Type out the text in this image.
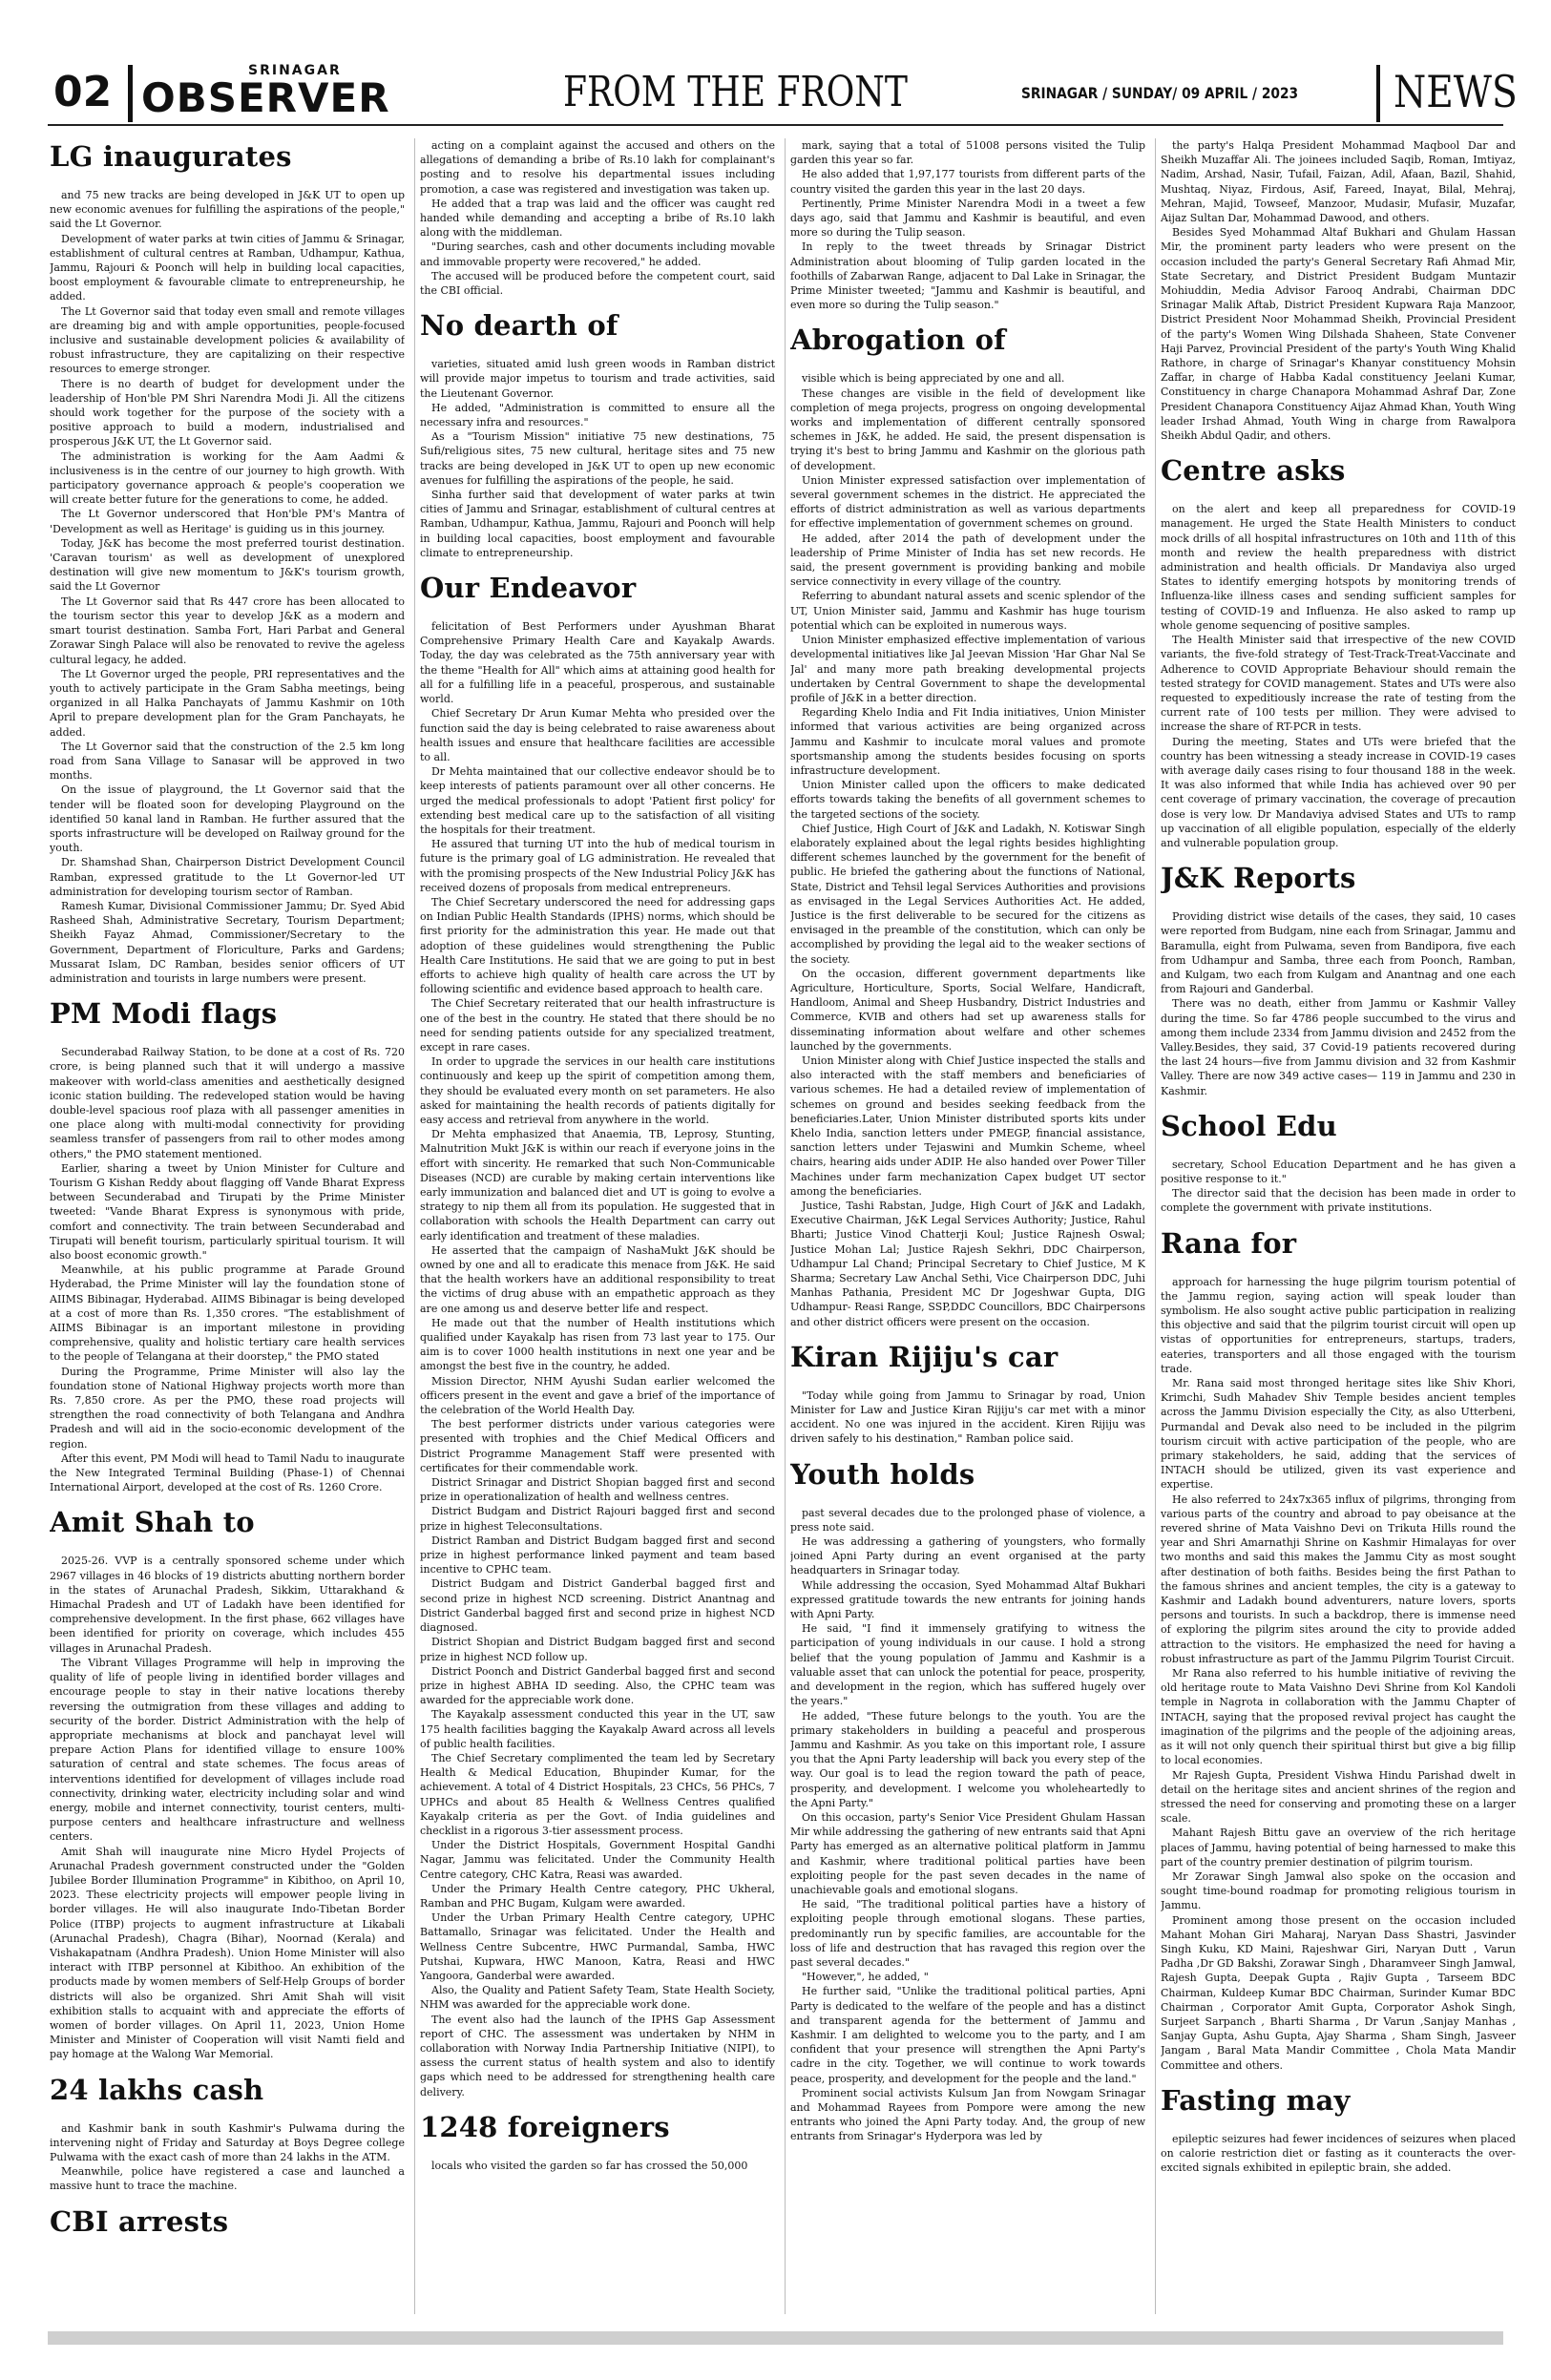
02	SRINAGAR
OBSERVER	FROM THE FRONT	SRINAGAR / SUNDAY/ 09 APRIL / 2023 NEWS
LG inaugurates

and 75 new tracks are being developed in J&K UT to open up new economic avenues for fulfilling the aspirations of the people," said the Lt Governor.

Development of water parks at twin cities of Jammu & Srinagar, establishment of cultural centres at Ramban, Udhampur, Kathua, Jammu, Rajouri & Poonch will help in building local capacities, boost employment & favourable climate to entrepreneurship, he added.

The Lt Governor said that today even small and remote villages are dreaming big and with ample opportunities, people-focused inclusive and sustainable development policies & availability of robust infrastructure, they are capitalizing on their respective resources to emerge stronger.

There is no dearth of budget for development under the leadership of Hon'ble PM Shri Narendra Modi Ji. All the citizens should work together for the purpose of the society with a positive approach to build a modern, industrialised and prosperous J&K UT, the Lt Governor said.

The administration is working for the Aam Aadmi & inclusiveness is in the centre of our journey to high growth. With participatory governance approach & people's cooperation we will create better future for the generations to come, he added.

The Lt Governor underscored that Hon'ble PM's Mantra of 'Development as well as Heritage' is guiding us in this journey.

Today, J&K has become the most preferred tourist destination. 'Caravan tourism' as well as development of unexplored destination will give new momentum to J&K's tourism growth, said the Lt Governor

The Lt Governor said that Rs 447 crore has been allocated to the tourism sector this year to develop J&K as a modern and smart tourist destination. Samba Fort, Hari Parbat and General Zorawar Singh Palace will also be renovated to revive the ageless cultural legacy, he added.

The Lt Governor urged the people, PRI representatives and the youth to actively participate in the Gram Sabha meetings, being organized in all Halka Panchayats of Jammu Kashmir on 10th April to prepare development plan for the Gram Panchayats, he added.

The Lt Governor said that the construction of the 2.5 km long road from Sana Village to Sanasar will be approved in two months.

On the issue of playground, the Lt Governor said that the tender will be floated soon for developing Playground on the identified 50 kanal land in Ramban. He further assured that the sports infrastructure will be developed on Railway ground for the youth.

Dr. Shamshad Shan, Chairperson District Development Council Ramban, expressed gratitude to the Lt Governor-led UT administration for developing tourism sector of Ramban.

Ramesh Kumar, Divisional Commissioner Jammu; Dr. Syed Abid Rasheed Shah, Administrative Secretary, Tourism Department; Sheikh Fayaz Ahmad, Commissioner/Secretary to the Government, Department of Floriculture, Parks and Gardens; Mussarat Islam, DC Ramban, besides senior officers of UT administration and tourists in large numbers were present.

PM Modi flags

Secunderabad Railway Station, to be done at a cost of Rs. 720 crore, is being planned such that it will undergo a massive makeover with world-class amenities and aesthetically designed iconic station building. The redeveloped station would be having double-level spacious roof plaza with all passenger amenities in one place along with multi-modal connectivity for providing seamless transfer of passengers from rail to other modes among others," the PMO statement mentioned.

Earlier, sharing a tweet by Union Minister for Culture and Tourism G Kishan Reddy about flagging off Vande Bharat Express between Secunderabad and Tirupati by the Prime Minister tweeted: "Vande Bharat Express is synonymous with pride, comfort and connectivity. The train between Secunderabad and Tirupati will benefit tourism, particularly spiritual tourism. It will also boost economic growth."

Meanwhile, at his public programme at Parade Ground Hyderabad, the Prime Minister will lay the foundation stone of AIIMS Bibinagar, Hyderabad. AIIMS Bibinagar is being developed at a cost of more than Rs. 1,350 crores. "The establishment of AIIMS Bibinagar is an important milestone in providing comprehensive, quality and holistic tertiary care health services to the people of Telangana at their doorstep," the PMO stated

During the Programme, Prime Minister will also lay the foundation stone of National Highway projects worth more than Rs. 7,850 crore. As per the PMO, these road projects will strengthen the road connectivity of both Telangana and Andhra Pradesh and will aid in the socio-economic development of the region.

After this event, PM Modi will head to Tamil Nadu to inaugurate the New Integrated Terminal Building (Phase-1) of Chennai International Airport, developed at the cost of Rs. 1260 Crore.

Amit Shah to

2025-26. VVP is a centrally sponsored scheme under which 2967 villages in 46 blocks of 19 districts abutting northern border in the states of Arunachal Pradesh, Sikkim, Uttarakhand & Himachal Pradesh and UT of Ladakh have been identified for comprehensive development. In the first phase, 662 villages have been identified for priority on coverage, which includes 455 villages in Arunachal Pradesh.

The Vibrant Villages Programme will help in improving the quality of life of people living in identified border villages and encourage people to stay in their native locations thereby reversing the outmigration from these villages and adding to security of the border. District Administration with the help of appropriate mechanisms at block and panchayat level will prepare Action Plans for identified village to ensure 100% saturation of central and state schemes. The focus areas of interventions identified for development of villages include road connectivity, drinking water, electricity including solar and wind energy, mobile and internet connectivity, tourist centers, multi-purpose centers and healthcare infrastructure and wellness centers.

Amit Shah will inaugurate nine Micro Hydel Projects of Arunachal Pradesh government constructed under the "Golden Jubilee Border Illumination Programme" in Kibithoo, on April 10, 2023. These electricity projects will empower people living in border villages. He will also inaugurate Indo-Tibetan Border Police (ITBP) projects to augment infrastructure at Likabali (Arunachal Pradesh), Chagra (Bihar), Noornad (Kerala) and Vishakapatnam (Andhra Pradesh). Union Home Minister will also interact with ITBP personnel at Kibithoo. An exhibition of the products made by women members of Self-Help Groups of border districts will also be organized. Shri Amit Shah will visit exhibition stalls to acquaint with and appreciate the efforts of women of border villages. On April 11, 2023, Union Home Minister and Minister of Cooperation will visit Namti field and pay homage at the Walong War Memorial.

24 lakhs cash

and Kashmir bank in south Kashmir's Pulwama during the intervening night of Friday and Saturday at Boys Degree college Pulwama with the exact cash of more than 24 lakhs in the ATM.

Meanwhile, police have registered a case and launched a massive hunt to trace the machine.

CBI arrests

acting on a complaint against the accused and others on the allegations of demanding a bribe of Rs.10 lakh for complainant's posting and to resolve his departmental issues including promotion, a case was registered and investigation was taken up.

He added that a trap was laid and the officer was caught red handed while demanding and accepting a bribe of Rs.10 lakh along with the middleman.

"During searches, cash and other documents including movable and immovable property were recovered," he added.

The accused will be produced before the competent court, said the CBI official.

No dearth of

varieties, situated amid lush green woods in Ramban district will provide major impetus to tourism and trade activities, said the Lieutenant Governor.

He added, "Administration is committed to ensure all the necessary infra and resources."

As a "Tourism Mission" initiative 75 new destinations, 75 Sufi/religious sites, 75 new cultural, heritage sites and 75 new tracks are being developed in J&K UT to open up new economic avenues for fulfilling the aspirations of the people, he said.

Sinha further said that development of water parks at twin cities of Jammu and Srinagar, establishment of cultural centres at Ramban, Udhampur, Kathua, Jammu, Rajouri and Poonch will help in building local capacities, boost employment and favourable climate to entrepreneurship.

Our Endeavor

felicitation of Best Performers under Ayushman Bharat Comprehensive Primary Health Care and Kayakalp Awards. Today, the day was celebrated as the 75th anniversary year with the theme "Health for All" which aims at attaining good health for all for a fulfilling life in a peaceful, prosperous, and sustainable world.

Chief Secretary Dr Arun Kumar Mehta who presided over the function said the day is being celebrated to raise awareness about health issues and ensure that healthcare facilities are accessible to all.

Dr Mehta maintained that our collective endeavor should be to keep interests of patients paramount over all other concerns. He urged the medical professionals to adopt 'Patient first policy' for extending best medical care up to the satisfaction of all visiting the hospitals for their treatment.

He assured that turning UT into the hub of medical tourism in future is the primary goal of LG administration. He revealed that with the promising prospects of the New Industrial Policy J&K has received dozens of proposals from medical entrepreneurs.

The Chief Secretary underscored the need for addressing gaps on Indian Public Health Standards (IPHS) norms, which should be first priority for the administration this year. He made out that adoption of these guidelines would strengthening the Public Health Care Institutions. He said that we are going to put in best efforts to achieve high quality of health care across the UT by following scientific and evidence based approach to health care.

The Chief Secretary reiterated that our health infrastructure is one of the best in the country. He stated that there should be no need for sending patients outside for any specialized treatment, except in rare cases.

In order to upgrade the services in our health care institutions continuously and keep up the spirit of competition among them, they should be evaluated every month on set parameters. He also asked for maintaining the health records of patients digitally for easy access and retrieval from anywhere in the world.

Dr Mehta emphasized that Anaemia, TB, Leprosy, Stunting, Malnutrition Mukt J&K is within our reach if everyone joins in the effort with sincerity. He remarked that such Non-Communicable Diseases (NCD) are curable by making certain interventions like early immunization and balanced diet and UT is going to evolve a strategy to nip them all from its population. He suggested that in collaboration with schools the Health Department can carry out early identification and treatment of these maladies.

He asserted that the campaign of NashaMukt J&K should be owned by one and all to eradicate this menace from J&K. He said that the health workers have an additional responsibility to treat the victims of drug abuse with an empathetic approach as they are one among us and deserve better life and respect.

He made out that the number of Health institutions which qualified under Kayakalp has risen from 73 last year to 175. Our aim is to cover 1000 health institutions in next one year and be amongst the best five in the country, he added.

Mission Director, NHM Ayushi Sudan earlier welcomed the officers present in the event and gave a brief of the importance of the celebration of the World Health Day.

The best performer districts under various categories were presented with trophies and the Chief Medical Officers and District Programme Management Staff were presented with certificates for their commendable work.

District Srinagar and District Shopian bagged first and second prize in operationalization of health and wellness centres.

District Budgam and District Rajouri bagged first and second prize in highest Teleconsultations.

District Ramban and District Budgam bagged first and second prize in highest performance linked payment and team based incentive to CPHC team.

District Budgam and District Ganderbal bagged first and second prize in highest NCD screening. District Anantnag and District Ganderbal bagged first and second prize in highest NCD diagnosed.

District Shopian and District Budgam bagged first and second prize in highest NCD follow up.

District Poonch and District Ganderbal bagged first and second prize in highest ABHA ID seeding. Also, the CPHC team was awarded for the appreciable work done.

The Kayakalp assessment conducted this year in the UT, saw 175 health facilities bagging the Kayakalp Award across all levels of public health facilities.

The Chief Secretary complimented the team led by Secretary Health & Medical Education, Bhupinder Kumar, for the achievement. A total of 4 District Hospitals, 23 CHCs, 56 PHCs, 7 UPHCs and about 85 Health & Wellness Centres qualified Kayakalp criteria as per the Govt. of India guidelines and checklist in a rigorous 3-tier assessment process.

Under the District Hospitals, Government Hospital Gandhi Nagar, Jammu was felicitated. Under the Community Health Centre category, CHC Katra, Reasi was awarded.

Under the Primary Health Centre category, PHC Ukheral, Ramban and PHC Bugam, Kulgam were awarded.

Under the Urban Primary Health Centre category, UPHC Battamallo, Srinagar was felicitated. Under the Health and Wellness Centre Subcentre, HWC Purmandal, Samba, HWC Putshai, Kupwara, HWC Manoon, Katra, Reasi and HWC Yangoora, Ganderbal were awarded.

Also, the Quality and Patient Safety Team, State Health Society, NHM was awarded for the appreciable work done.

The event also had the launch of the IPHS Gap Assessment report of CHC. The assessment was undertaken by NHM in collaboration with Norway India Partnership Initiative (NIPI), to assess the current status of health system and also to identify gaps which need to be addressed for strengthening health care delivery.

1248 foreigners

locals who visited the garden so far has crossed the 50,000

mark, saying that a total of 51008 persons visited the Tulip garden this year so far.

He also added that 1,97,177 tourists from different parts of the country visited the garden this year in the last 20 days.

Pertinently, Prime Minister Narendra Modi in a tweet a few days ago, said that Jammu and Kashmir is beautiful, and even more so during the Tulip season.

In reply to the tweet threads by Srinagar District Administration about blooming of Tulip garden located in the foothills of Zabarwan Range, adjacent to Dal Lake in Srinagar, the Prime Minister tweeted; "Jammu and Kashmir is beautiful, and even more so during the Tulip season."

Abrogation of

visible which is being appreciated by one and all.

These changes are visible in the field of development like completion of mega projects, progress on ongoing developmental works and implementation of different centrally sponsored schemes in J&K, he added. He said, the present dispensation is trying it's best to bring Jammu and Kashmir on the glorious path of development.

Union Minister expressed satisfaction over implementation of several government schemes in the district. He appreciated the efforts of district administration as well as various departments for effective implementation of government schemes on ground.

He added, after 2014 the path of development under the leadership of Prime Minister of India has set new records. He said, the present government is providing banking and mobile service connectivity in every village of the country.

Referring to abundant natural assets and scenic splendor of the UT, Union Minister said, Jammu and Kashmir has huge tourism potential which can be exploited in numerous ways.

Union Minister emphasized effective implementation of various developmental initiatives like Jal Jeevan Mission 'Har Ghar Nal Se Jal' and many more path breaking developmental projects undertaken by Central Government to shape the developmental profile of J&K in a better direction.

Regarding Khelo India and Fit India initiatives, Union Minister informed that various activities are being organized across Jammu and Kashmir to inculcate moral values and promote sportsmanship among the students besides focusing on sports infrastructure development.

Union Minister called upon the officers to make dedicated efforts towards taking the benefits of all government schemes to the targeted sections of the society.

Chief Justice, High Court of J&K and Ladakh, N. Kotiswar Singh elaborately explained about the legal rights besides highlighting different schemes launched by the government for the benefit of public. He briefed the gathering about the functions of National, State, District and Tehsil legal Services Authorities and provisions as envisaged in the Legal Services Authorities Act. He added, Justice is the first deliverable to be secured for the citizens as envisaged in the preamble of the constitution, which can only be accomplished by providing the legal aid to the weaker sections of the society.

On the occasion, different government departments like Agriculture, Horticulture, Sports, Social Welfare, Handicraft, Handloom, Animal and Sheep Husbandry, District Industries and Commerce, KVIB and others had set up awareness stalls for disseminating information about welfare and other schemes launched by the governments.

Union Minister along with Chief Justice inspected the stalls and also interacted with the staff members and beneficiaries of various schemes. He had a detailed review of implementation of schemes on ground and besides seeking feedback from the beneficiaries.Later, Union Minister distributed sports kits under Khelo India, sanction letters under PMEGP, financial assistance, sanction letters under Tejaswini and Mumkin Scheme, wheel chairs, hearing aids under ADIP. He also handed over Power Tiller Machines under farm mechanization Capex budget UT sector among the beneficiaries.

Justice, Tashi Rabstan, Judge, High Court of J&K and Ladakh, Executive Chairman, J&K Legal Services Authority; Justice, Rahul Bharti; Justice Vinod Chatterji Koul; Justice Rajnesh Oswal; Justice Mohan Lal; Justice Rajesh Sekhri, DDC Chairperson, Udhampur Lal Chand; Principal Secretary to Chief Justice, M K Sharma; Secretary Law Anchal Sethi, Vice Chairperson DDC, Juhi Manhas Pathania, President MC Dr Jogeshwar Gupta, DIG Udhampur- Reasi Range, SSP,DDC Councillors, BDC Chairpersons and other district officers were present on the occasion.

Kiran Rijiju's car

"Today while going from Jammu to Srinagar by road, Union Minister for Law and Justice Kiran Rijiju's car met with a minor accident. No one was injured in the accident. Kiren Rijiju was driven safely to his destination," Ramban police said.

Youth holds

past several decades due to the prolonged phase of violence, a press note said.

He was addressing a gathering of youngsters, who formally joined Apni Party during an event organised at the party headquarters in Srinagar today.

While addressing the occasion, Syed Mohammad Altaf Bukhari expressed gratitude towards the new entrants for joining hands with Apni Party.

He said, "I find it immensely gratifying to witness the participation of young individuals in our cause. I hold a strong belief that the young population of Jammu and Kashmir is a valuable asset that can unlock the potential for peace, prosperity, and development in the region, which has suffered hugely over the years."

He added, "These future belongs to the youth. You are the primary stakeholders in building a peaceful and prosperous Jammu and Kashmir. As you take on this important role, I assure you that the Apni Party leadership will back you every step of the way. Our goal is to lead the region toward the path of peace, prosperity, and development. I welcome you wholeheartedly to the Apni Party."

On this occasion, party's Senior Vice President Ghulam Hassan Mir while addressing the gathering of new entrants said that Apni Party has emerged as an alternative political platform in Jammu and Kashmir, where traditional political parties have been exploiting people for the past seven decades in the name of unachievable goals and emotional slogans.

He said, "The traditional political parties have a history of exploiting people through emotional slogans. These parties, predominantly run by specific families, are accountable for the loss of life and destruction that has ravaged this region over the past several decades."

"However,", he added, "

He further said, "Unlike the traditional political parties, Apni Party is dedicated to the welfare of the people and has a distinct and transparent agenda for the betterment of Jammu and Kashmir. I am delighted to welcome you to the party, and I am confident that your presence will strengthen the Apni Party's cadre in the city. Together, we will continue to work towards peace, prosperity, and development for the people and the land."

Prominent social activists Kulsum Jan from Nowgam Srinagar and Mohammad Rayees from Pompore were among the new entrants who joined the Apni Party today. And, the group of new entrants from Srinagar's Hyderpora was led by

the party's Halqa President Mohammad Maqbool Dar and Sheikh Muzaffar Ali. The joinees included Saqib, Roman, Imtiyaz, Nadim, Arshad, Nasir, Tufail, Faizan, Adil, Afaan, Bazil, Shahid, Mushtaq, Niyaz, Firdous, Asif, Fareed, Inayat, Bilal, Mehraj, Mehran, Majid, Towseef, Manzoor, Mudasir, Mufasir, Muzafar, Aijaz Sultan Dar, Mohammad Dawood, and others.

Besides Syed Mohammad Altaf Bukhari and Ghulam Hassan Mir, the prominent party leaders who were present on the occasion included the party's General Secretary Rafi Ahmad Mir, State Secretary, and District President Budgam Muntazir Mohiuddin, Media Advisor Farooq Andrabi, Chairman DDC Srinagar Malik Aftab, District President Kupwara Raja Manzoor, District President Noor Mohammad Sheikh, Provincial President of the party's Women Wing Dilshada Shaheen, State Convener Haji Parvez, Provincial President of the party's Youth Wing Khalid Rathore, in charge of Srinagar's Khanyar constituency Mohsin Zaffar, in charge of Habba Kadal constituency Jeelani Kumar, Constituency in charge Chanapora Mohammad Ashraf Dar, Zone President Chanapora Constituency Aijaz Ahmad Khan, Youth Wing leader Irshad Ahmad, Youth Wing in charge from Rawalpora Sheikh Abdul Qadir, and others.

Centre asks

on the alert and keep all preparedness for COVID-19 management. He urged the State Health Ministers to conduct mock drills of all hospital infrastructures on 10th and 11th of this month and review the health preparedness with district administration and health officials. Dr Mandaviya also urged States to identify emerging hotspots by monitoring trends of Influenza-like illness cases and sending sufficient samples for testing of COVID-19 and Influenza. He also asked to ramp up whole genome sequencing of positive samples.

The Health Minister said that irrespective of the new COVID variants, the five-fold strategy of Test-Track-Treat-Vaccinate and Adherence to COVID Appropriate Behaviour should remain the tested strategy for COVID management. States and UTs were also requested to expeditiously increase the rate of testing from the current rate of 100 tests per million. They were advised to increase the share of RT-PCR in tests.

During the meeting, States and UTs were briefed that the country has been witnessing a steady increase in COVID-19 cases with average daily cases rising to four thousand 188 in the week. It was also informed that while India has achieved over 90 per cent coverage of primary vaccination, the coverage of precaution dose is very low. Dr Mandaviya advised States and UTs to ramp up vaccination of all eligible population, especially of the elderly and vulnerable population group.

J&K Reports

Providing district wise details of the cases, they said, 10 cases were reported from Budgam, nine each from Srinagar, Jammu and Baramulla, eight from Pulwama, seven from Bandipora, five each from Udhampur and Samba, three each from Poonch, Ramban, and Kulgam, two each from Kulgam and Anantnag and one each from Rajouri and Ganderbal.

There was no death, either from Jammu or Kashmir Valley during the time. So far 4786 people succumbed to the virus and among them include 2334 from Jammu division and 2452 from the Valley.Besides, they said, 37 Covid-19 patients recovered during the last 24 hours—five from Jammu division and 32 from Kashmir Valley. There are now 349 active cases— 119 in Jammu and 230 in Kashmir.

School Edu

secretary, School Education Department and he has given a positive response to it."

The director said that the decision has been made in order to complete the government with private institutions.

Rana for

approach for harnessing the huge pilgrim tourism potential of the Jammu region, saying action will speak louder than symbolism. He also sought active public participation in realizing this objective and said that the pilgrim tourist circuit will open up vistas of opportunities for entrepreneurs, startups, traders, eateries, transporters and all those engaged with the tourism trade.

Mr. Rana said most thronged heritage sites like Shiv Khori, Krimchi, Sudh Mahadev Shiv Temple besides ancient temples across the Jammu Division especially the City, as also Utterbeni, Purmandal and Devak also need to be included in the pilgrim tourism circuit with active participation of the people, who are primary stakeholders, he said, adding that the services of INTACH should be utilized, given its vast experience and expertise.

He also referred to 24x7x365 influx of pilgrims, thronging from various parts of the country and abroad to pay obeisance at the revered shrine of Mata Vaishno Devi on Trikuta Hills round the year and Shri Amarnathji Shrine on Kashmir Himalayas for over two months and said this makes the Jammu City as most sought after destination of both faiths. Besides being the first Pathan to the famous shrines and ancient temples, the city is a gateway to Kashmir and Ladakh bound adventurers, nature lovers, sports persons and tourists. In such a backdrop, there is immense need of exploring the pilgrim sites around the city to provide added attraction to the visitors. He emphasized the need for having a robust infrastructure as part of the Jammu Pilgrim Tourist Circuit.

Mr Rana also referred to his humble initiative of reviving the old heritage route to Mata Vaishno Devi Shrine from Kol Kandoli temple in Nagrota in collaboration with the Jammu Chapter of INTACH, saying that the proposed revival project has caught the imagination of the pilgrims and the people of the adjoining areas, as it will not only quench their spiritual thirst but give a big fillip to local economies.

Mr Rajesh Gupta, President Vishwa Hindu Parishad dwelt in detail on the heritage sites and ancient shrines of the region and stressed the need for conserving and promoting these on a larger scale.

Mahant Rajesh Bittu gave an overview of the rich heritage places of Jammu, having potential of being harnessed to make this part of the country premier destination of pilgrim tourism.

Mr Zorawar Singh Jamwal also spoke on the occasion and sought time-bound roadmap for promoting religious tourism in Jammu.

Prominent among those present on the occasion included Mahant Mohan Giri Maharaj, Naryan Dass Shastri, Jasvinder Singh Kuku, KD Maini, Rajeshwar Giri, Naryan Dutt , Varun Padha ,Dr GD Bakshi, Zorawar Singh , Dharamveer Singh Jamwal, Rajesh Gupta, Deepak Gupta , Rajiv Gupta , Tarseem BDC Chairman, Kuldeep Kumar BDC Chairman, Surinder Kumar BDC Chairman , Corporator Amit Gupta, Corporator Ashok Singh, Surjeet Sarpanch , Bharti Sharma , Dr Varun ,Sanjay Manhas , Sanjay Gupta, Ashu Gupta, Ajay Sharma , Sham Singh, Jasveer Jangam , Baral Mata Mandir Committee , Chola Mata Mandir Committee and others.

Fasting may

epileptic seizures had fewer incidences of seizures when placed on calorie restriction diet or fasting as it counteracts the over-excited signals exhibited in epileptic brain, she added.
